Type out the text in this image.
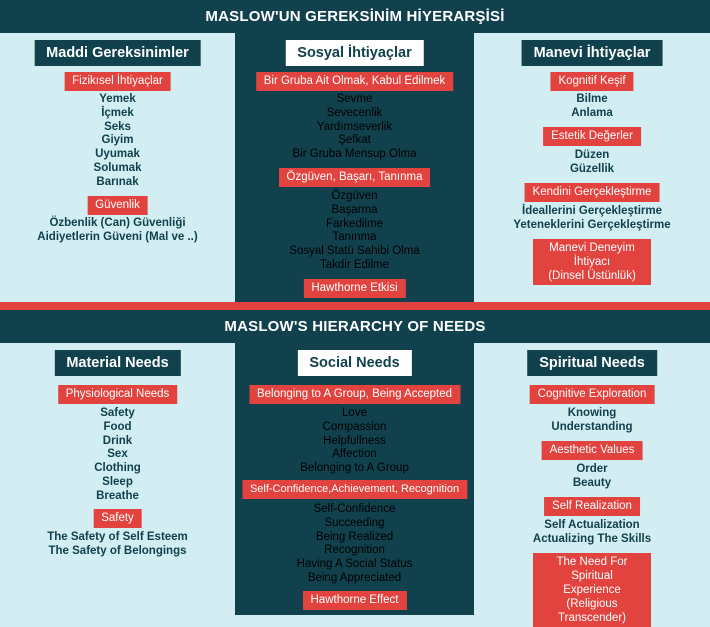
MASLOW'UN GEREKSİNİM HİYERARŞİSİ
Maddi Gereksinimler
Fizikısel İhtiyaçlar
Yemek
İçmek
Seks
Giyim
Uyumak
Solumak
Barınak
Güvenlik
Özbenlik (Can) Güvenliği
Aidiyetlerin Güveni (Mal ve ..)
Sosyal İhtiyaçlar
Bir Gruba Ait Olmak, Kabul Edilmek
Sevme
Sevecenlik
Yardımseverlik
Şefkat
Bir Gruba Mensup Olma
Özgüven, Başarı, Tanınma
Özgüven
Başarma
Farkedilme
Tanınma
Sosyal Statü Sahibi Olma
Takdir Edilme
Hawthorne Etkisi
Manevi İhtiyaçlar
Kognitif Keşif
Bilme
Anlama
Estetik Değerler
Düzen
Güzellik
Kendini Gerçekleştirme
İdeallerini Gerçekleştirme
Yeteneklerini Gerçekleştirme
Manevi Deneyim İhtiyacı
(Dinsel Üstünlük)
MASLOW'S HIERARCHY OF NEEDS
Material Needs
Physiological Needs
Safety
Food
Drink
Sex
Clothing
Sleep
Breathe
Safety
The Safety of Self Esteem
The Safety of Belongings
Social Needs
Belonging to A Group, Being Accepted
Love
Compassion
Helpfullness
Affection
Belonging to A Group
Self-Confidence,Achievement, Recognition
Self-Confidence
Succeeding
Being Realized
Recognition
Having A Social Status
Being Appreciated
Hawthorne Effect
Spiritual Needs
Cognitive Exploration
Knowing
Understanding
Aesthetic Values
Order
Beauty
Self Realization
Self Actualization
Actualizing The Skills
The Need For Spiritual Experience
(Religious Transcender)
